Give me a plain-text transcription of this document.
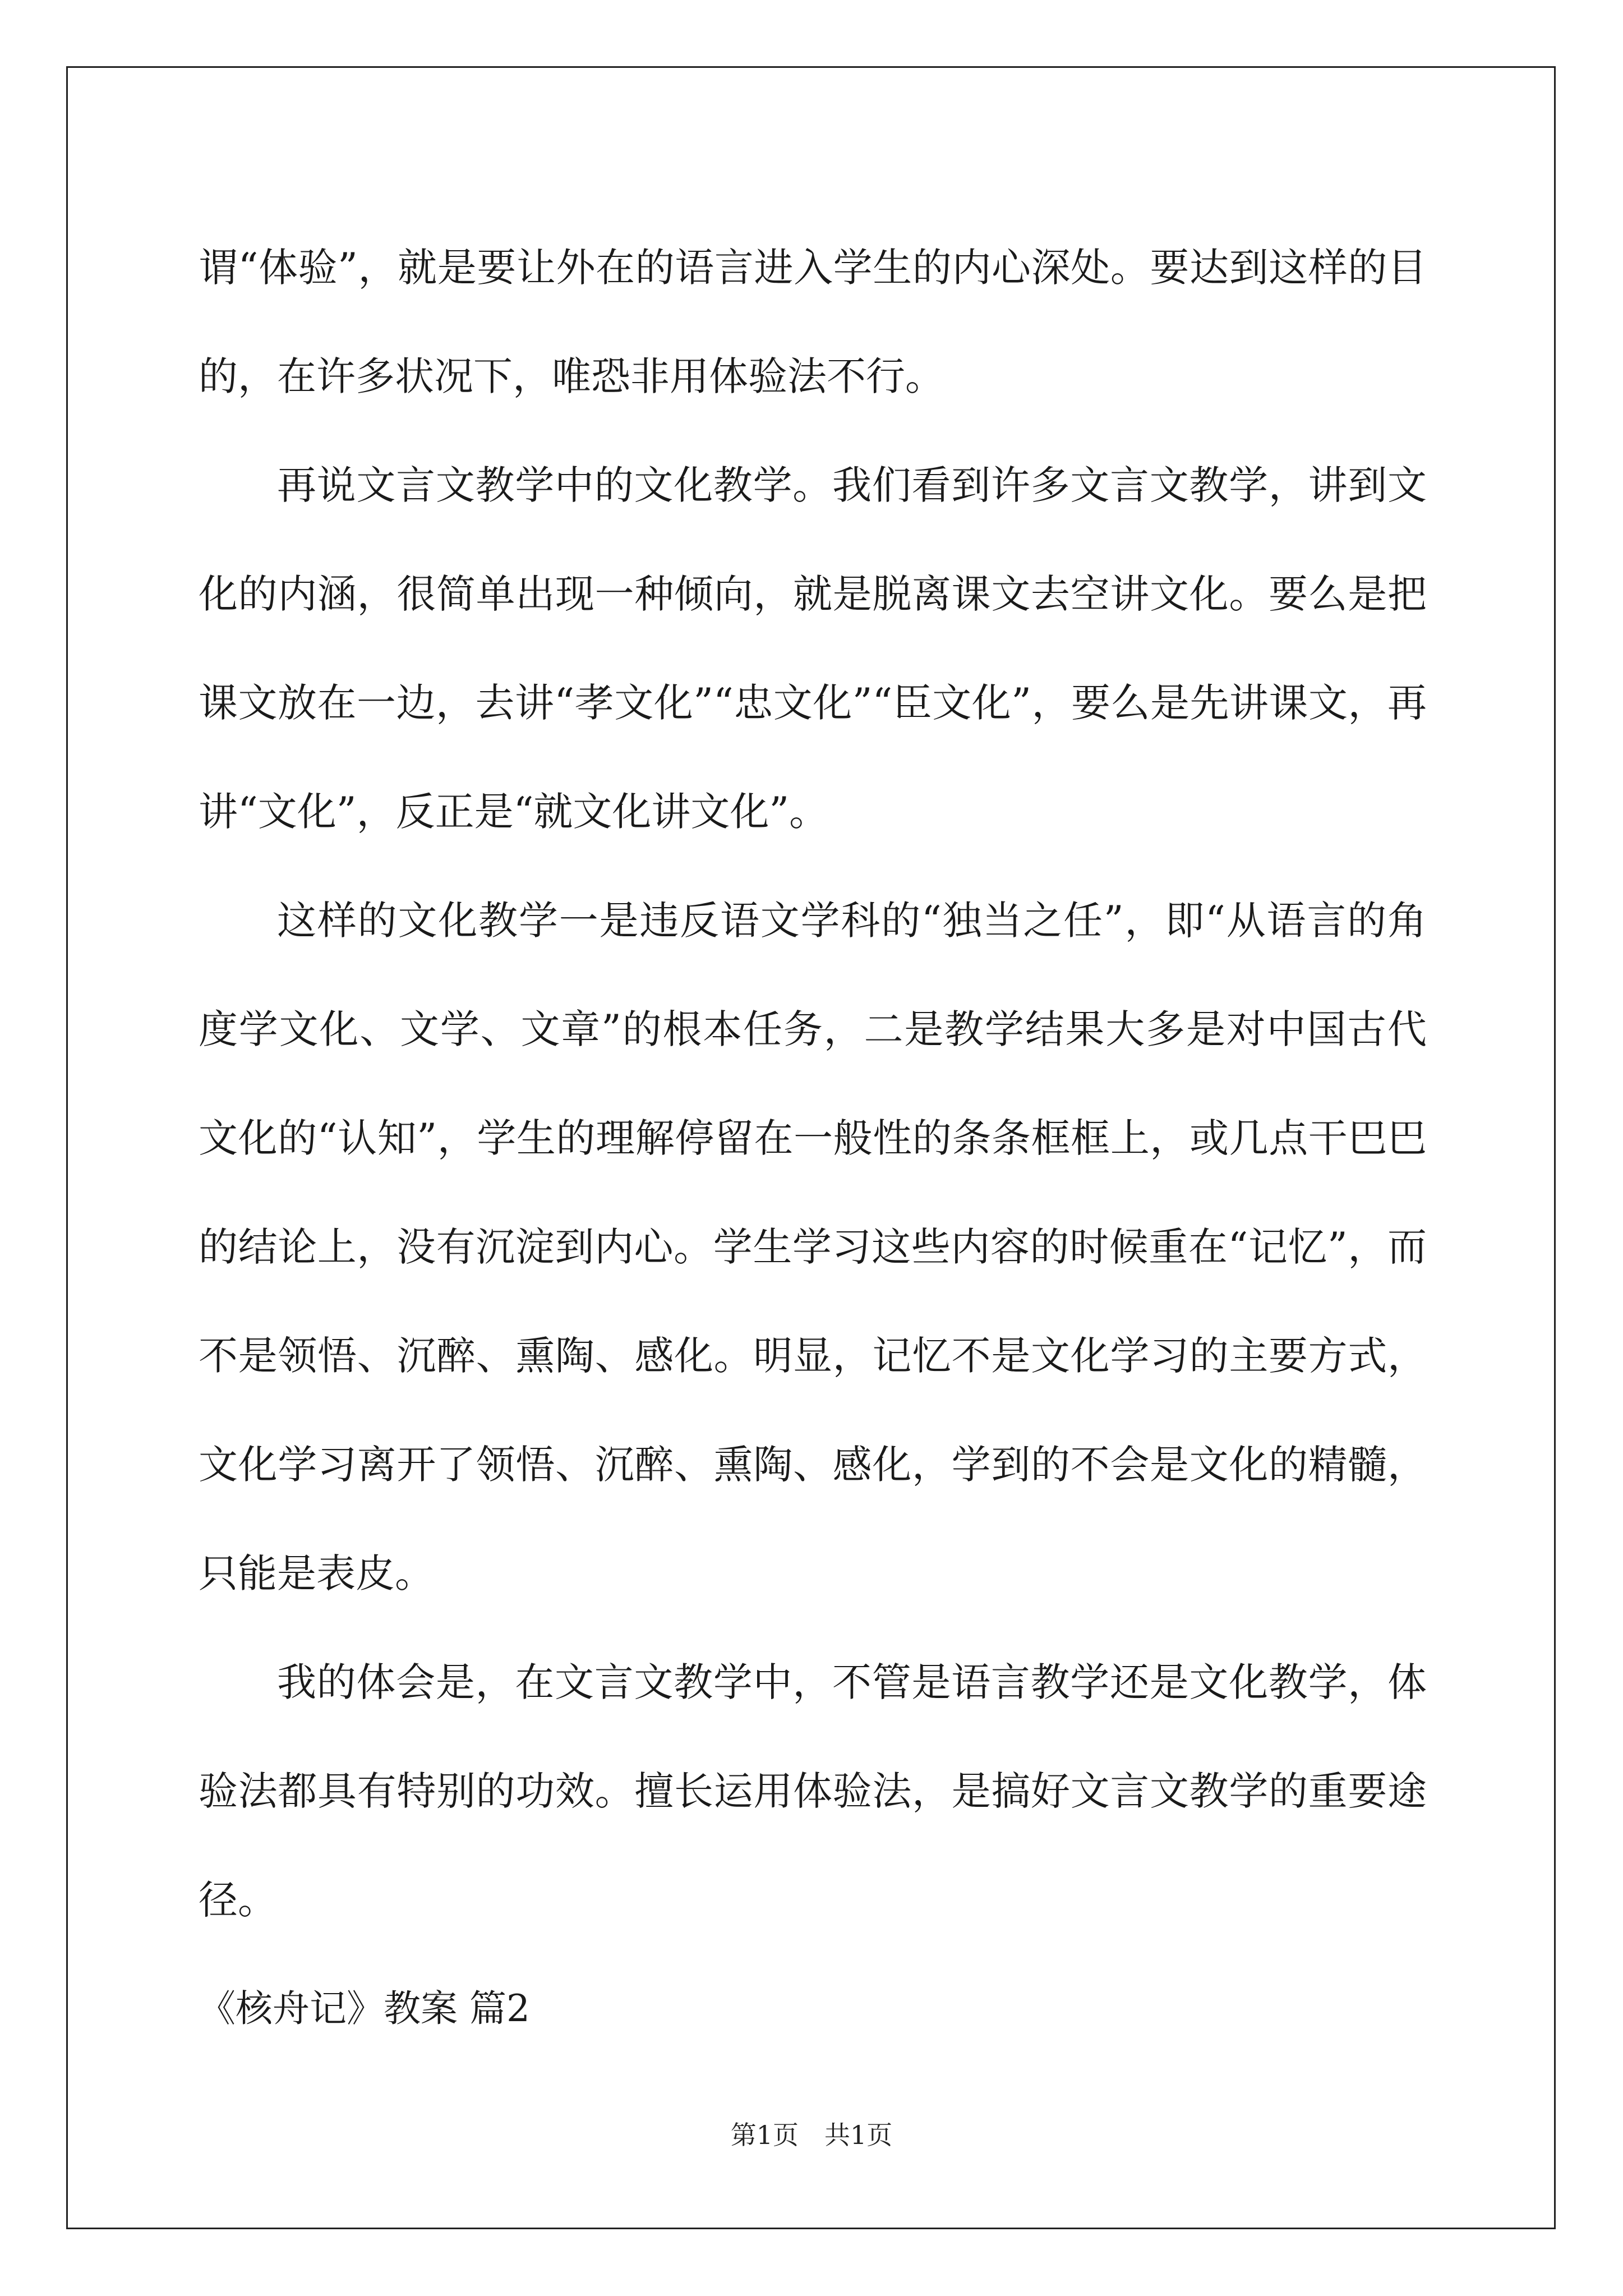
谓“体验”，就是要让外在的语言进入学生的内心深处。要达到这样的目的，在许多状况下，唯恐非用体验法不行。

再说文言文教学中的文化教学。我们看到许多文言文教学，讲到文化的内涵，很简单出现一种倾向，就是脱离课文去空讲文化。要么是把课文放在一边，去讲“孝文化”“忠文化”“臣文化”，要么是先讲课文，再讲“文化”，反正是“就文化讲文化”。

这样的文化教学一是违反语文学科的“独当之任”，即“从语言的角度学文化、文学、文章”的根本任务，二是教学结果大多是对中国古代文化的“认知”，学生的理解停留在一般性的条条框框上，或几点干巴巴的结论上，没有沉淀到内心。学生学习这些内容的时候重在“记忆”，而不是领悟、沉醉、熏陶、感化。明显，记忆不是文化学习的主要方式，文化学习离开了领悟、沉醉、熏陶、感化，学到的不会是文化的精髓，只能是表皮。

我的体会是，在文言文教学中，不管是语言教学还是文化教学，体验法都具有特别的功效。擅长运用体验法，是搞好文言文教学的重要途径。

《核舟记》教案 篇2

第1页　共1页
